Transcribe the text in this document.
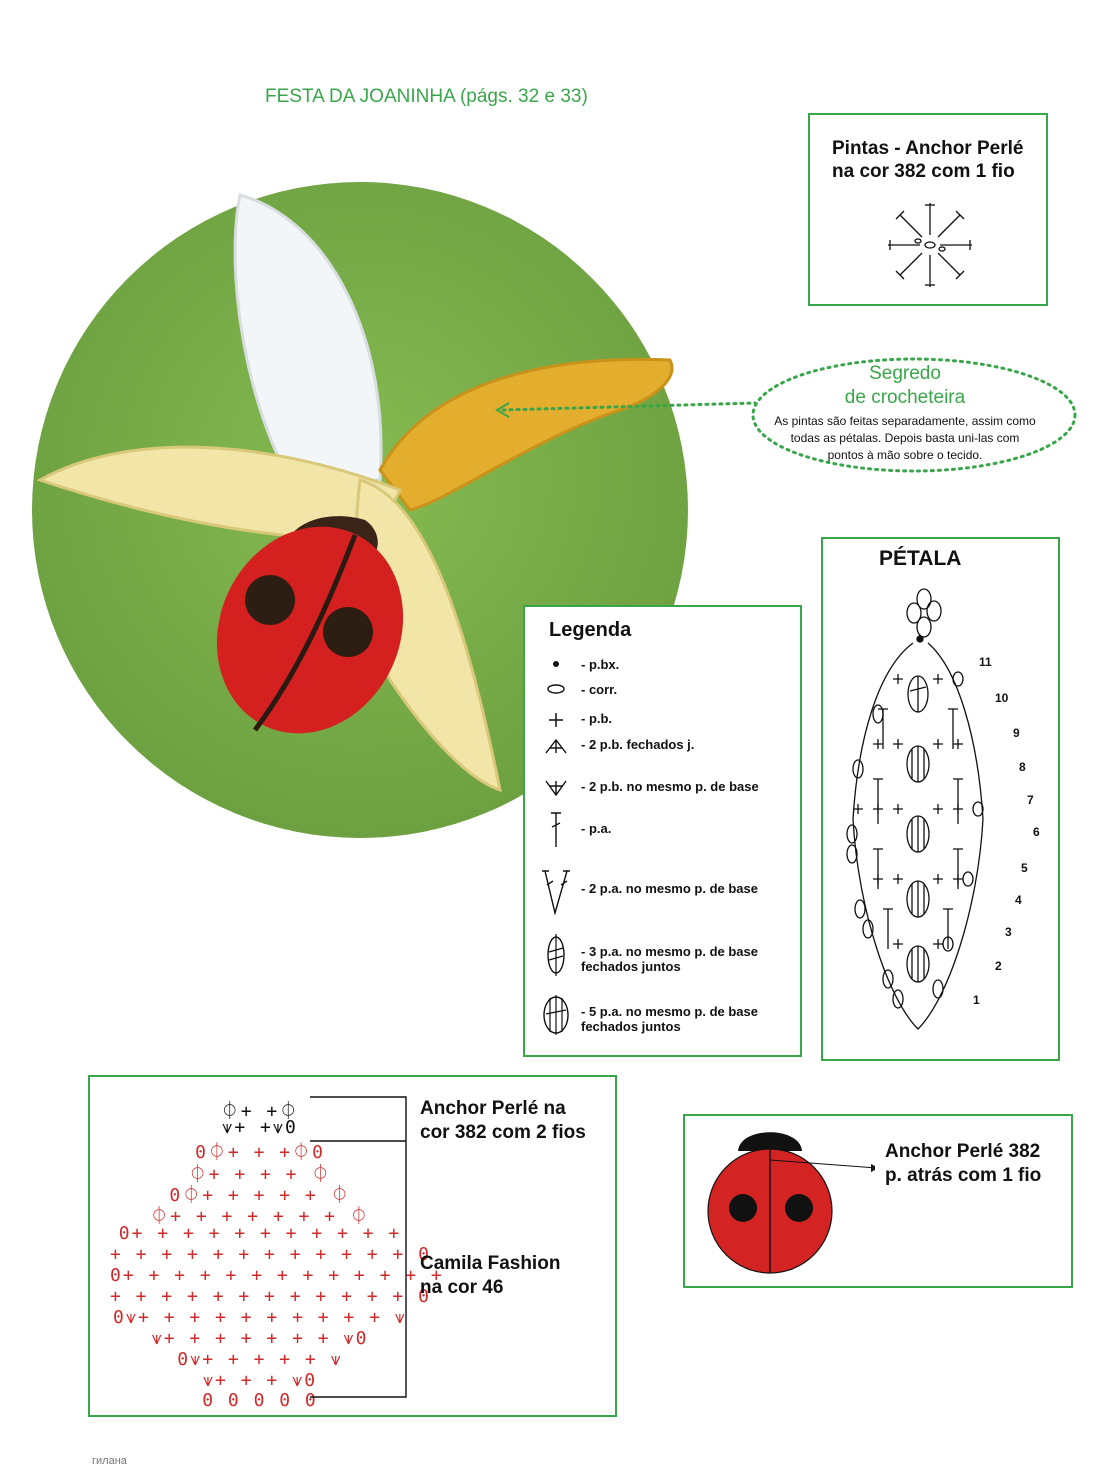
FESTA DA JOANINHA (págs. 32 e 33)
Pintas - Anchor Perlé
na cor 382 com 1 fio
Segredo
de crocheteira
As pintas são feitas separadamente, assim como
todas as pétalas. Depois basta uni-las com
pontos à mão sobre o tecido.
Legenda
- p.bx.
- corr.
- p.b.
- 2 p.b. fechados j.
- 2 p.b. no mesmo p. de base
- p.a.
- 2 p.a. no mesmo p. de base
- 3 p.a. no mesmo p. de base
fechados juntos
- 5 p.a. no mesmo p. de base
fechados juntos
PÉTALA
11
10
9
8
7
6
5
4
3
2
1
⏀+ +⏀
⩛+ +⩛0
0⏀+ + +⏀0
⏀+ + + + ⏀
0⏀+ + + + + ⏀
⏀+ + + + + + + ⏀
0+ + + + + + + + + + +
+ + + + + + + + + + + + 0
0+ + + + + + + + + + + + +
+ + + + + + + + + + + + 0
0⩛+ + + + + + + + + + ⩛
⩛+ + + + + + + ⩛0
0⩛+ + + + + ⩛
⩛+ + + ⩛0
0 0 0 0 0
Anchor Perlé na
cor 382 com 2 fios
Camila Fashion
na cor 46
Anchor Perlé 382
p. atrás com 1 fio
гилана
